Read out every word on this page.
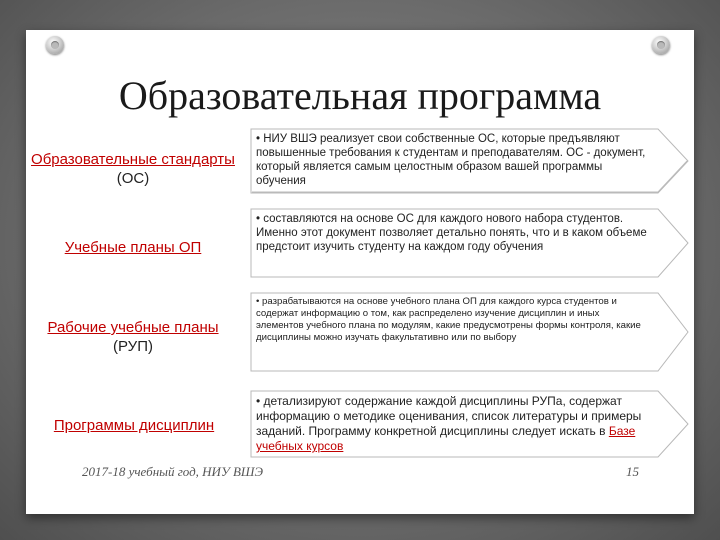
Образовательная программа
Образовательные стандарты (ОС)
• НИУ ВШЭ реализует свои собственные ОС, которые предъявляют повышенные требования к студентам и преподавателям. ОС - документ, который является самым целостным образом вашей программы обучения
Учебные планы ОП
• составляются на основе ОС для каждого нового набора студентов. Именно этот документ позволяет детально понять, что и в каком объеме предстоит изучить студенту на каждом году обучения
Рабочие учебные планы
(РУП)
• разрабатываются на основе учебного плана ОП для каждого курса студентов и содержат информацию о том, как распределено изучение дисциплин и иных элементов учебного плана по модулям, какие предусмотрены формы контроля, какие дисциплины можно изучать факультативно или по выбору
Программы дисциплин
• детализируют содержание каждой дисциплины РУПа, содержат информацию о методике оценивания, список литературы и примеры заданий. Программу конкретной дисциплины следует искать в Базе учебных курсов
2017-18 учебный год, НИУ ВШЭ	15
